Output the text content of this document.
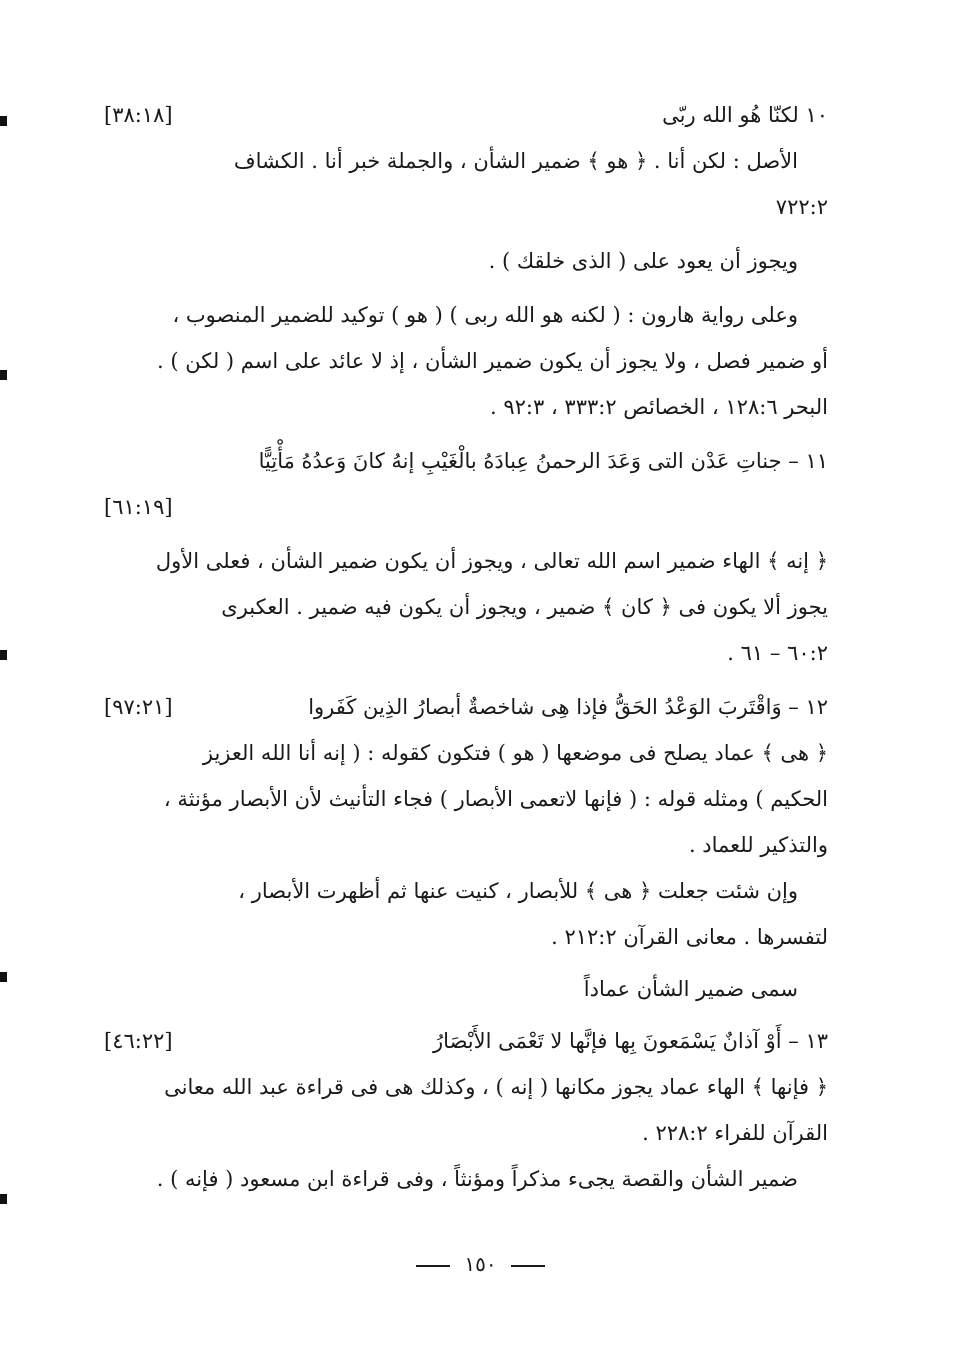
١٠ لكنّا هُو الله ربّى
[٣٨:١٨]
الأصل : لكن أنا . ﴿ هو ﴾ ضمير الشأن ، والجملة خبر أنا . الكشاف
٧٢٢:٢
ويجوز أن يعود على ( الذى خلقك ) .
وعلى رواية هارون : ( لكنه هو الله ربى ) ( هو ) توكيد للضمير المنصوب ،
أو ضمير فصل ، ولا يجوز أن يكون ضمير الشأن ، إذ لا عائد على اسم ( لكن ) .
البحر ١٢٨:٦ ، الخصائص ٣٣٣:٢ ، ٩٢:٣ .
١١ – جناتِ عَدْن التى وَعَدَ الرحمنُ عِبادَهُ بالْغَيْبِ إنهُ كانَ وَعدُهُ مَأْتِيًّا
[٦١:١٩]
﴿ إنه ﴾ الهاء ضمير اسم الله تعالى ، ويجوز أن يكون ضمير الشأن ، فعلى الأول
يجوز ألا يكون فى ﴿ كان ﴾ ضمير ، ويجوز أن يكون فيه ضمير . العكبرى
٦٠:٢ – ٦١ .
١٢ – وَاقْتَربَ الوَعْدُ الحَقُّ فإذا هِى شاخصةٌ أبصارُ الذِين كَفَروا
[٩٧:٢١]
﴿ هى ﴾ عماد يصلح فى موضعها ( هو ) فتكون كقوله : ( إنه أنا الله العزيز
الحكيم ) ومثله قوله : ( فإنها لاتعمى الأبصار ) فجاء التأنيث لأن الأبصار مؤنثة ،
والتذكير للعماد .
وإن شئت جعلت ﴿ هى ﴾ للأبصار ، كنيت عنها ثم أظهرت الأبصار ،
لتفسرها . معانى القرآن ٢١٢:٢ .
سمى ضمير الشأن عماداً
١٣ – أَوْ آذانٌ يَسْمَعونَ بِها فإنَّها لا تَعْمَى الأَبْصَارُ
[٤٦:٢٢]
﴿ فإنها ﴾ الهاء عماد يجوز مكانها ( إنه ) ، وكذلك هى فى قراءة عبد الله معانى
القرآن للفراء ٢٢٨:٢ .
ضمير الشأن والقصة يجىء مذكراً ومؤنثاً ، وفى قراءة ابن مسعود ( فإنه ) .
١٥٠
